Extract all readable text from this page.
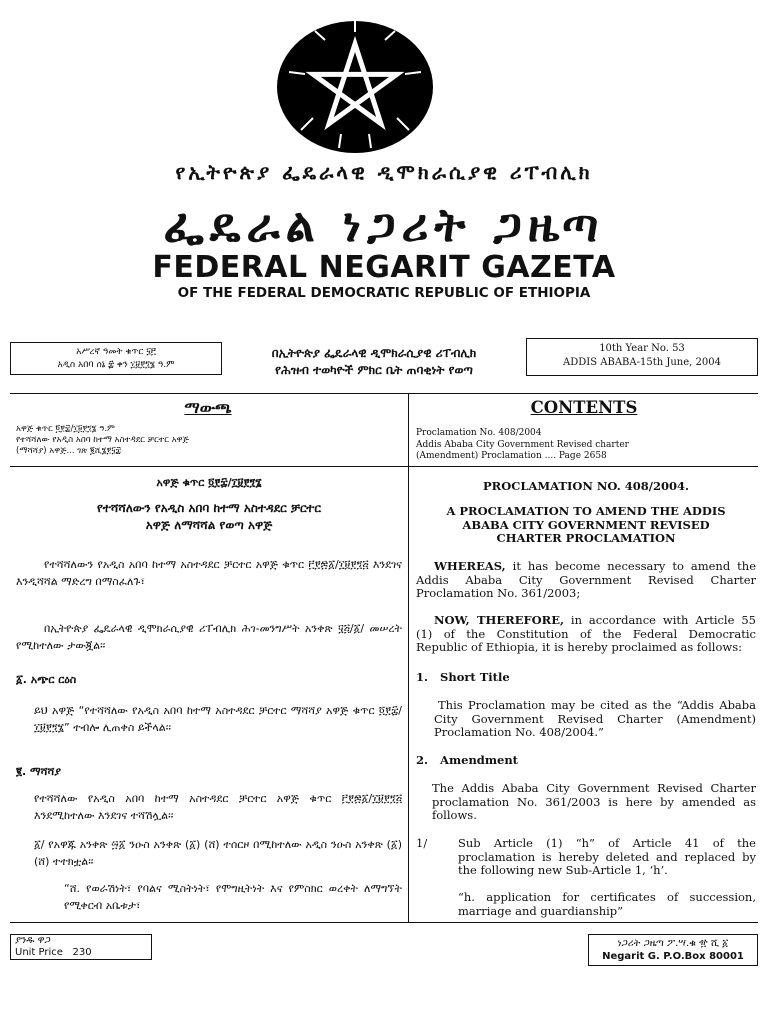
የኢትዮጵያ ፌዴራላዊ ዲሞክራሲያዊ ሪፐብሊክ
ፌዴራል ነጋሪት ጋዜጣ
FEDERAL NEGARIT GAZETA
OF THE FEDERAL DEMOCRATIC REPUBLIC OF ETHIOPIA
አሥረኛ ዓመት ቁጥር ፶፫
አዲስ አበባ ሰኔ ፰ ቀን ፲፱፻፺፮ ዓ.ም
በኢትዮጵያ ፌዴራላዊ ዲሞክራሲያዊ ሪፐብሊክ
የሕዝብ ተወካዮች ምክር ቤት ጠባቂነት የወጣ
10th Year No. 53
ADDIS ABABA-15th June, 2004
ማውጫ
አዋጅ ቁጥር ፬፻፰/፲፱፻፺፮ ዓ.ም
የተሻሻለው የአዲስ አበባ ከተማ አስተዳደር ቻርተር አዋጅ
(ማሻሻያ) አዋጅ... ገጽ ፪ሺ፮፻፶፰
CONTENTS
Proclamation No. 408/2004
Addis Ababa City Government Revised charter
(Amendment) Proclamation .... Page 2658
አዋጅ ቁጥር ፬፻፰/፲፱፻፺፮
የተሻሻለውን የአዲስ አበባ ከተማ አስተዳደር ቻርተር
አዋጅ ለማሻሻል የወጣ አዋጅ
የተሻሻለውን የአዲስ አበባ ከተማ አስተዳደር ቻርተር አዋጅ ቁጥር ፫፻፷፩/፲፱፻፺፭ እንደገና እንዲሻሻል ማድረግ በማስፈለጉ፣
በኢትዮጵያ ፌዴራላዊ ዲሞክራሲያዊ ሪፐብሊክ ሕገ-መንግሥት አንቀጽ ፶፭/፩/ መሠረት የሚከተለው ታውጇል፡፡
፩. አጭር ርዕስ
ይህ አዋጅ “የተሻሻለው የአዲስ አበባ ከተማ አስተዳደር ቻርተር ማሻሻያ አዋጅ ቁጥር ፬፻፰/፲፱፻፺፮” ተብሎ ሊጠቀስ ይችላል፡፡
፪. ማሻሻያ
የተሻሻለው የአዲስ አበባ ከተማ አስተዳደር ቻርተር አዋጅ ቁጥር ፫፻፷፩/፲፱፻፺፭ እንደሚከተለው እንደገና ተሻሽሏል፡፡
፩/ የአዋጁ አንቀጽ ፵፩ ንዑስ አንቀጽ (፩) (ሸ) ተሰርዞ በሚከተለው አዲስ ንዑስ አንቀጽ (፩) (ሸ) ተተክቷል፡፡
“ሸ. የወራሽነት፣ የባልና ሚስትነት፣ የሞግዚትነት እና የምስክር ወረቀት ለማግኘት የሚቀርብ አቤቱታ፣
PROCLAMATION NO. 408/2004.
A PROCLAMATION TO AMEND THE ADDIS ABABA CITY GOVERNMENT REVISED CHARTER PROCLAMATION
WHEREAS, it has become necessary to amend the Addis Ababa City Government Revised Charter Proclamation No. 361/2003;
NOW, THEREFORE, in accordance with Article 55 (1) of the Constitution of the Federal Democratic Republic of Ethiopia, it is hereby proclaimed as follows:
1. Short Title
This Proclamation may be cited as the “Addis Ababa City Government Revised Charter (Amendment) Proclamation No. 408/2004.”
2. Amendment
The Addis Ababa City Government Revised Charter proclamation No. 361/2003 is here by amended as follows.
1/	Sub Article (1) “h” of Article 41 of the proclamation is hereby deleted and replaced by the following new Sub-Article 1, ‘h’.
“h. application for certificates of succession, marriage and guardianship”
ያንዱ ዋጋ
Unit Price 230
ነጋሪት ጋዜጣ ፖ.ሣ.ቁ ፹ ሺ ፩
Negarit G. P.O.Box 80001
